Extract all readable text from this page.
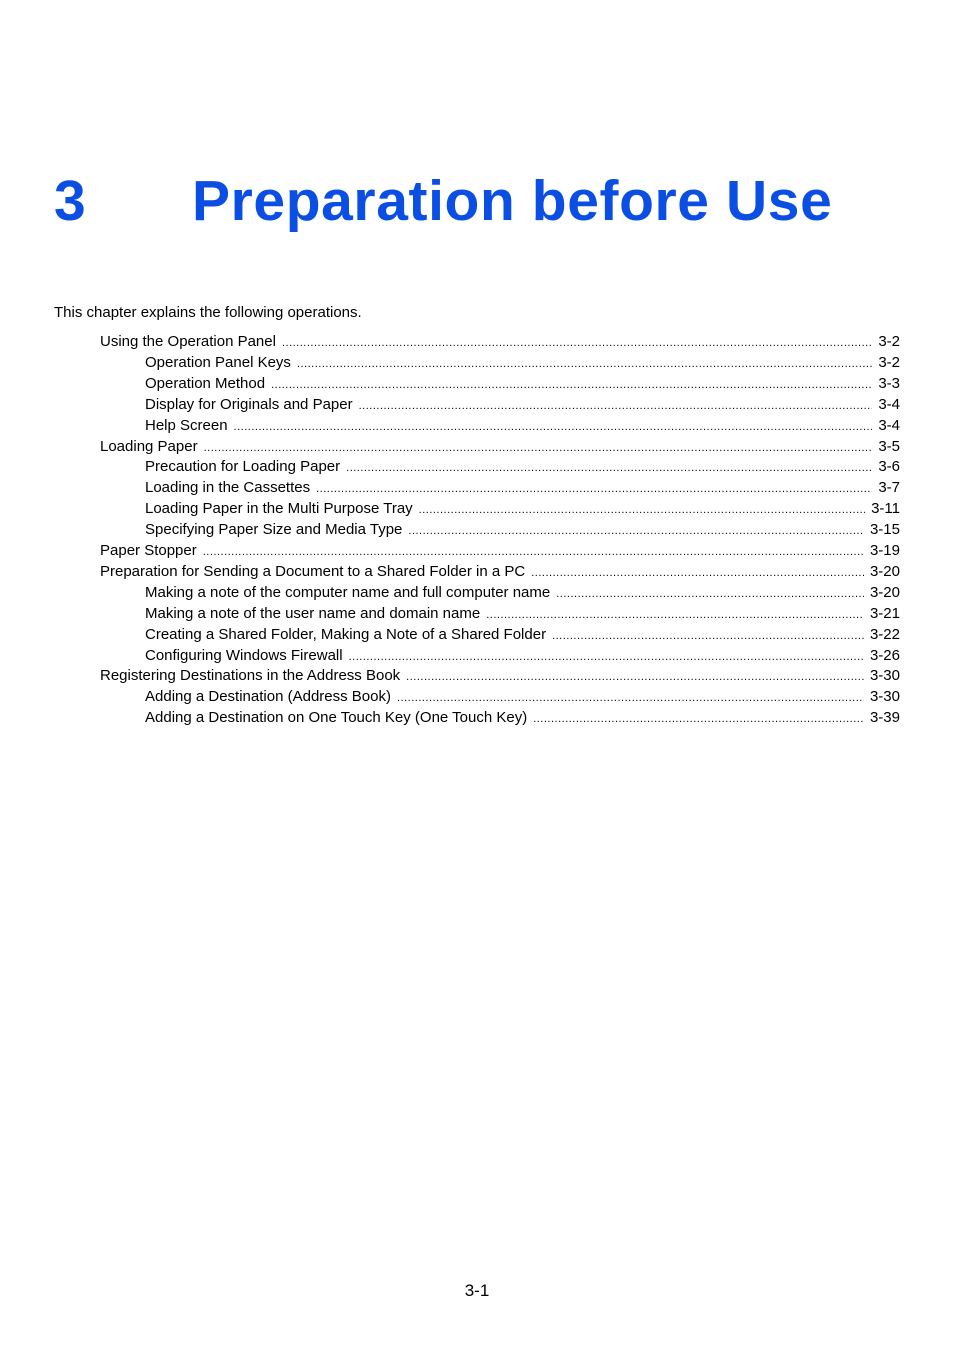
3 Preparation before Use
This chapter explains the following operations.
Using the Operation Panel .....	3-2
Operation Panel Keys .....	3-2
Operation Method .....	3-3
Display for Originals and Paper .....	3-4
Help Screen .....	3-4
Loading Paper .....	3-5
Precaution for Loading Paper .....	3-6
Loading in the Cassettes .....	3-7
Loading Paper in the Multi Purpose Tray .....	3-11
Specifying Paper Size and Media Type .....	3-15
Paper Stopper .....	3-19
Preparation for Sending a Document to a Shared Folder in a PC .....	3-20
Making a note of the computer name and full computer name .....	3-20
Making a note of the user name and domain name .....	3-21
Creating a Shared Folder, Making a Note of a Shared Folder .....	3-22
Configuring Windows Firewall .....	3-26
Registering Destinations in the Address Book .....	3-30
Adding a Destination (Address Book) .....	3-30
Adding a Destination on One Touch Key (One Touch Key) .....	3-39
3-1
